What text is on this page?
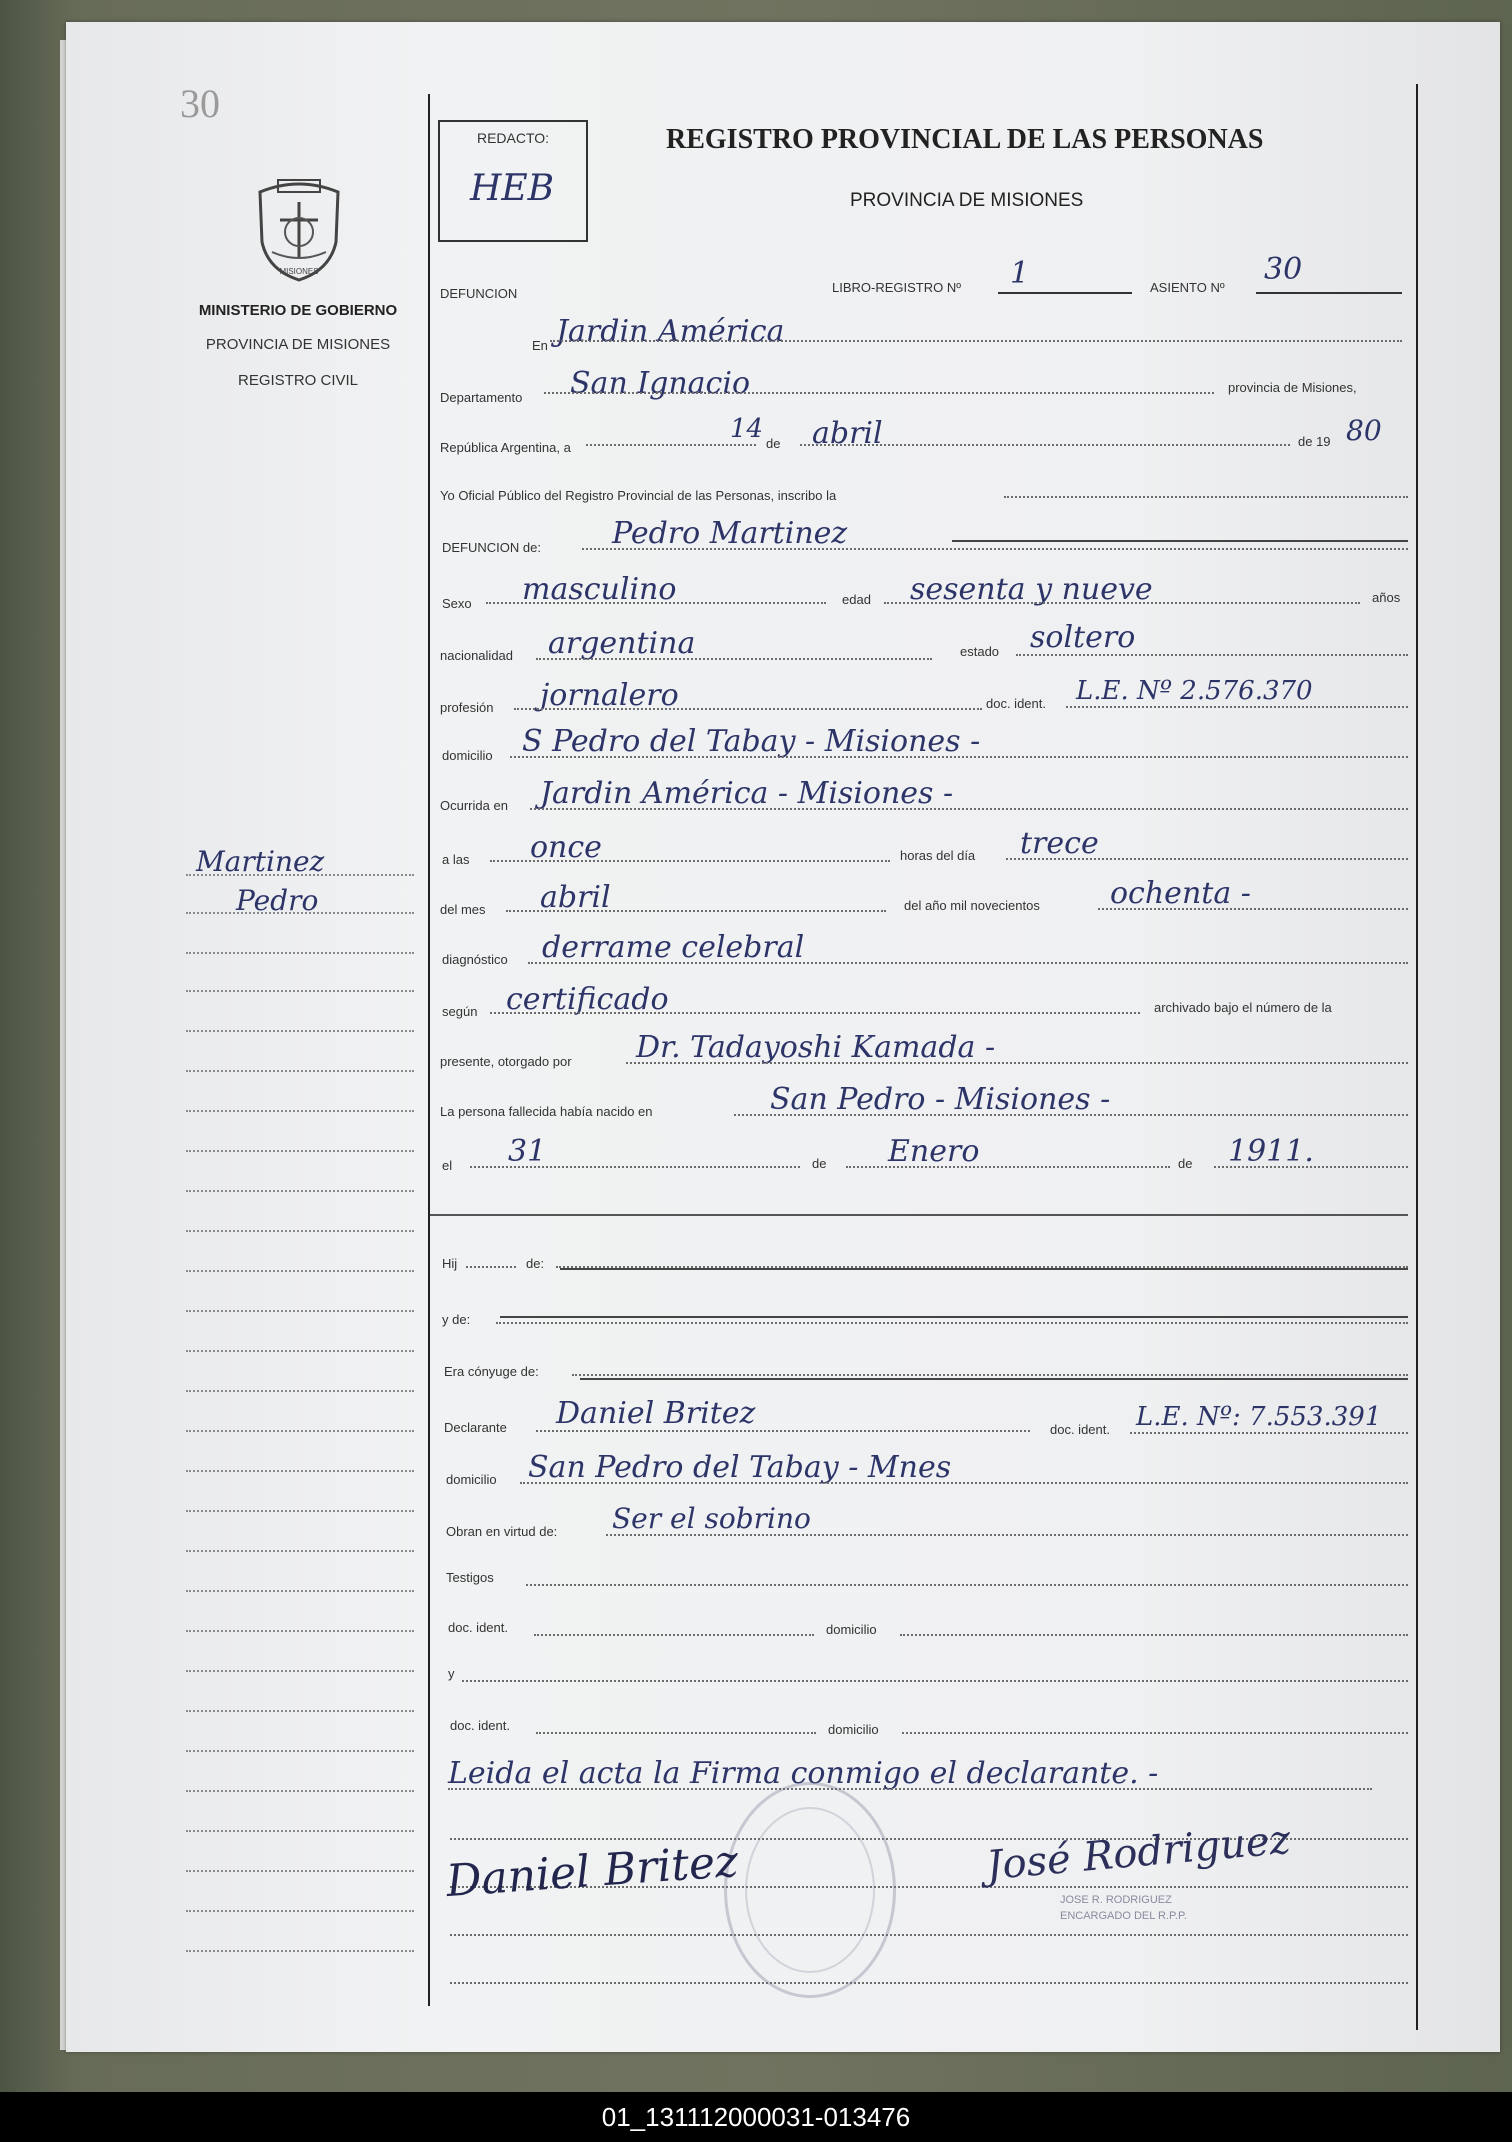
30
MISIONES
MINISTERIO DE GOBIERNO
PROVINCIA DE MISIONES
REGISTRO CIVIL
Martinez
Pedro
REDACTO:
HEB
REGISTRO PROVINCIAL DE LAS PERSONAS
PROVINCIA DE MISIONES
DEFUNCION	LIBRO-REGISTRO Nº 1	ASIENTO Nº
30
En Jardin América
Departamento San Ignacio	provincia de Misiones,
República Argentina, a
14 de abril	de 19 80
Yo Oficial Público del Registro Provincial de las Personas, inscribo la
DEFUNCION de: Pedro Martinez
Sexo masculino	edad sesenta y nueve	años
nacionalidad argentina	estado soltero
profesión jornalero	doc. ident. L.E. Nº 2.576.370
domicilio S Pedro del Tabay - Misiones -
Ocurrida en Jardin América - Misiones -
a las once	horas del día trece
del mes abril	del año mil novecientos ochenta -
diagnóstico derrame celebral
según certificado	archivado bajo el número de la
presente, otorgado por Dr. Tadayoshi Kamada -
La persona fallecida había nacido en	San Pedro - Misiones -
el 31	de Enero	de 1911.
Hij	de:
y de:
Era cónyuge de:
Declarante Daniel Britez	doc. ident. L.E. Nº: 7.553.391
domicilio San Pedro del Tabay - Mnes
Obran en virtud de: Ser el sobrino
Testigos
doc. ident.	domicilio
y
doc. ident.	domicilio
Leida el acta la Firma conmigo el declarante. -
Daniel Britez	José Rodriguez
JOSE R. RODRIGUEZ
ENCARGADO DEL R.P.P.
01_131112000031-013476
